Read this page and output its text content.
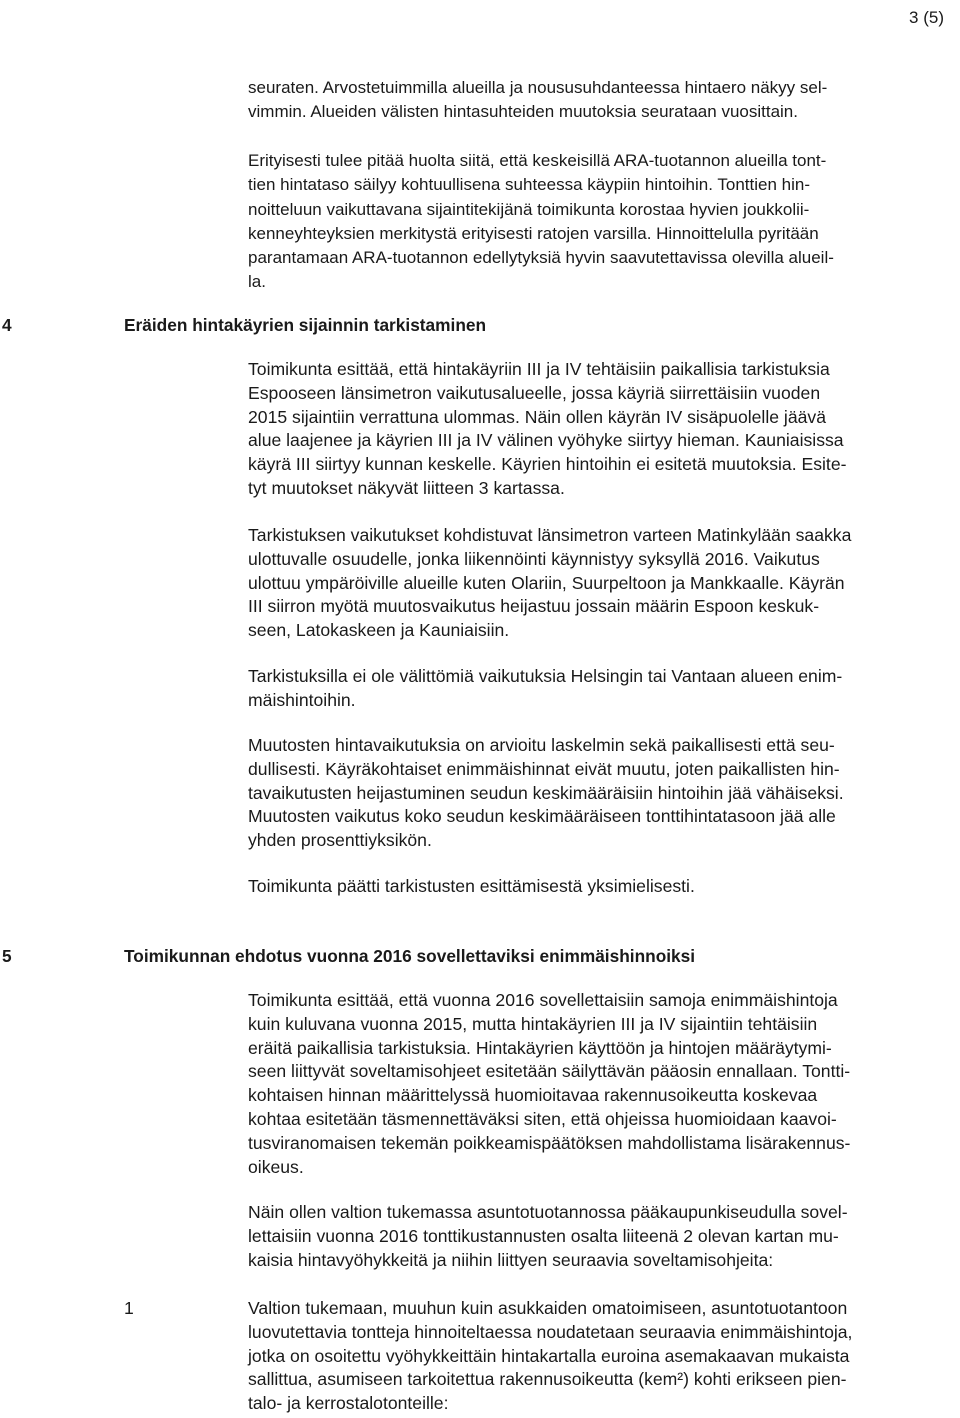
3 (5)

seuraten. Arvostetuimmilla alueilla ja noususuhdanteessa hintaero näkyy sel-
vimmin. Alueiden välisten hintasuhteiden muutoksia seurataan vuosittain.

Erityisesti tulee pitää huolta siitä, että keskeisillä ARA-tuotannon alueilla tont-
tien hintataso säilyy kohtuullisena suhteessa käypiin hintoihin. Tonttien hin-
noitteluun vaikuttavana sijaintitekijänä toimikunta korostaa hyvien joukkolii-
kenneyhteyksien merkitystä erityisesti ratojen varsilla. Hinnoittelulla pyritään
parantamaan ARA-tuotannon edellytyksiä hyvin saavutettavissa olevilla alueil-
la.

4	Eräiden hintakäyrien sijainnin tarkistaminen

Toimikunta esittää, että hintakäyriin III ja IV tehtäisiin paikallisia tarkistuksia
Espooseen länsimetron vaikutusalueelle, jossa käyriä siirrettäisiin vuoden
2015 sijaintiin verrattuna ulommas. Näin ollen käyrän IV sisäpuolelle jäävä
alue laajenee ja käyrien III ja IV välinen vyöhyke siirtyy hieman. Kauniaisissa
käyrä III siirtyy kunnan keskelle. Käyrien hintoihin ei esitetä muutoksia. Esite-
tyt muutokset näkyvät liitteen 3 kartassa.

Tarkistuksen vaikutukset kohdistuvat länsimetron varteen Matinkylään saakka
ulottuvalle osuudelle, jonka liikennöinti käynnistyy syksyllä 2016. Vaikutus
ulottuu ympäröiville alueille kuten Olariin, Suurpeltoon ja Mankkaalle. Käyrän
III siirron myötä muutosvaikutus heijastuu jossain määrin Espoon keskuk-
seen, Latokaskeen ja Kauniaisiin.

Tarkistuksilla ei ole välittömiä vaikutuksia Helsingin tai Vantaan alueen enim-
mäishintoihin.

Muutosten hintavaikutuksia on arvioitu laskelmin sekä paikallisesti että seu-
dullisesti. Käyräkohtaiset enimmäishinnat eivät muutu, joten paikallisten hin-
tavaikutusten heijastuminen seudun keskimääräisiin hintoihin jää vähäiseksi.
Muutosten vaikutus koko seudun keskimääräiseen tonttihintatasoon jää alle
yhden prosenttiyksikön.

Toimikunta päätti tarkistusten esittämisestä yksimielisesti.

5	Toimikunnan ehdotus vuonna 2016 sovellettaviksi enimmäishinnoiksi

Toimikunta esittää, että vuonna 2016 sovellettaisiin samoja enimmäishintoja
kuin kuluvana vuonna 2015, mutta hintakäyrien III ja IV sijaintiin tehtäisiin
eräitä paikallisia tarkistuksia. Hintakäyrien käyttöön ja hintojen määräytymi-
seen liittyvät soveltamisohjeet esitetään säilyttävän pääosin ennallaan. Tontti-
kohtaisen hinnan määrittelyssä huomioitavaa rakennusoikeutta koskevaa
kohtaa esitetään täsmennettäväksi siten, että ohjeissa huomioidaan kaavoi-
tusviranomaisen tekemän poikkeamispäätöksen mahdollistama lisärakennus-
oikeus.

Näin ollen valtion tukemassa asuntotuotannossa pääkaupunkiseudulla sovel-
lettaisiin vuonna 2016 tonttikustannusten osalta liiteenä 2 olevan kartan mu-
kaisia hintavyöhykkeitä ja niihin liittyen seuraavia soveltamisohjeita:

1	Valtion tukemaan, muuhun kuin asukkaiden omatoimiseen, asuntotuotantoon
luovutettavia tontteja hinnoiteltaessa noudatetaan seuraavia enimmäishintoja,
jotka on osoitettu vyöhykkeittäin hintakartalla euroina asemakaavan mukaista
sallittua, asumiseen tarkoitettua rakennusoikeutta (kem²) kohti erikseen pien-
talo- ja kerrostalotonteille:
